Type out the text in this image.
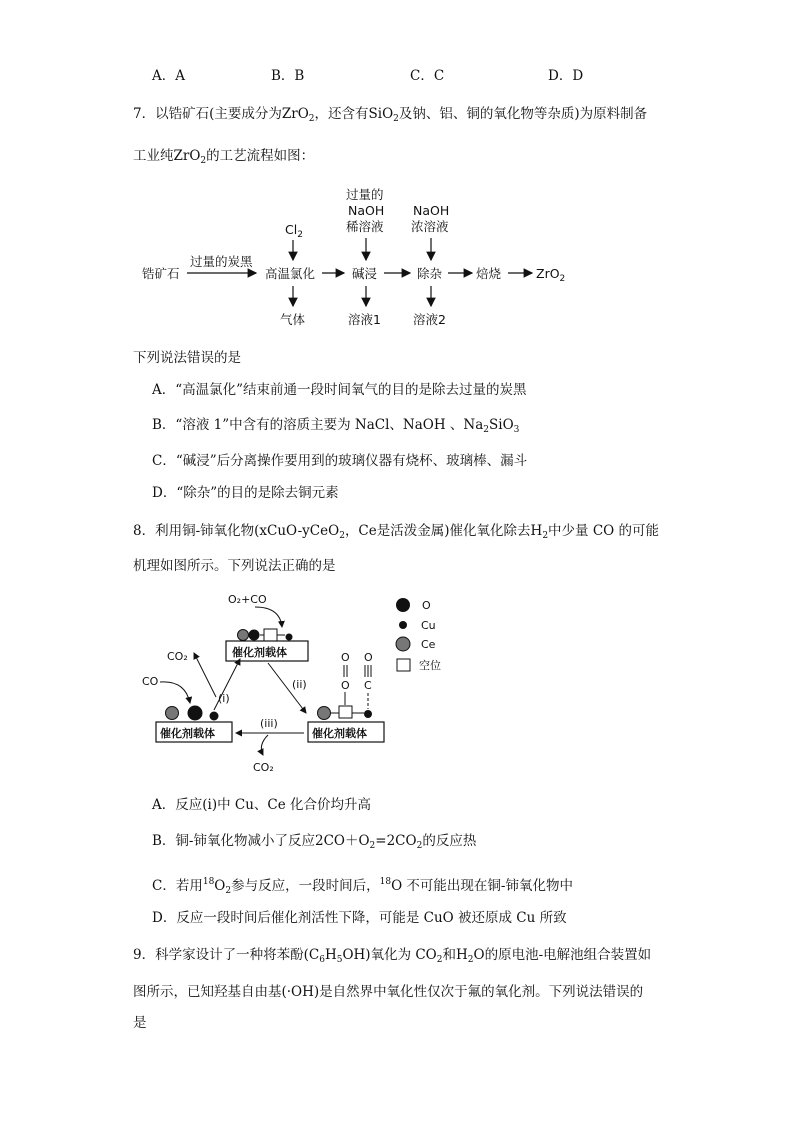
A．A	B．B	C．C	D．D
7．以锆矿石(主要成分为ZrO$_2$，还含有SiO$_2$及钠、铝、铜的氧化物等杂质)为原料制备
工业纯ZrO$_2$的工艺流程如图：
锆矿石
过量的炭黑
$Cl_2$
高温氯化
气体
过量的
NaOH
稀溶液
碱浸
溶液1
NaOH
浓溶液
除杂
溶液2
焙烧	ZrO$_2$
下列说法错误的是
A．“高温氯化”结束前通一段时间氧气的目的是除去过量的炭黑
B．“溶液 1”中含有的溶质主要为 NaCl、NaOH 、$Na_2SiO_3$
C．“碱浸”后分离操作要用到的玻璃仪器有烧杯、玻璃棒、漏斗
D．“除杂”的目的是除去铜元素
8．利用铜-铈氧化物(xCuO-yCeO$_2$，Ce是活泼金属)催化氧化除去$H_2$中少量 CO 的可能
机理如图所示。下列说法正确的是
O₂+CO
催化剂载体
CO₂
(i)
(ii)
CO
催化剂载体
O
O
O
C
催化剂载体
(iii)
CO₂
O
Cu
Ce
空位
A．反应(i)中 Cu、Ce 化合价均升高
B．铜-铈氧化物减小了反应$2CO+O_2=2CO_2$的反应热
C．若用$^{18}O_2$参与反应，一段时间后，$^{18}$O 不可能出现在铜-铈氧化物中
D．反应一段时间后催化剂活性下降，可能是 CuO 被还原成 Cu 所致
9．科学家设计了一种将苯酚$(C_6H_5OH)$氧化为 $CO_2$和$H_2O$的原电池-电解池组合装置如
图所示，已知羟基自由基(·OH)是自然界中氧化性仅次于氟的氧化剂。下列说法错误的
是
